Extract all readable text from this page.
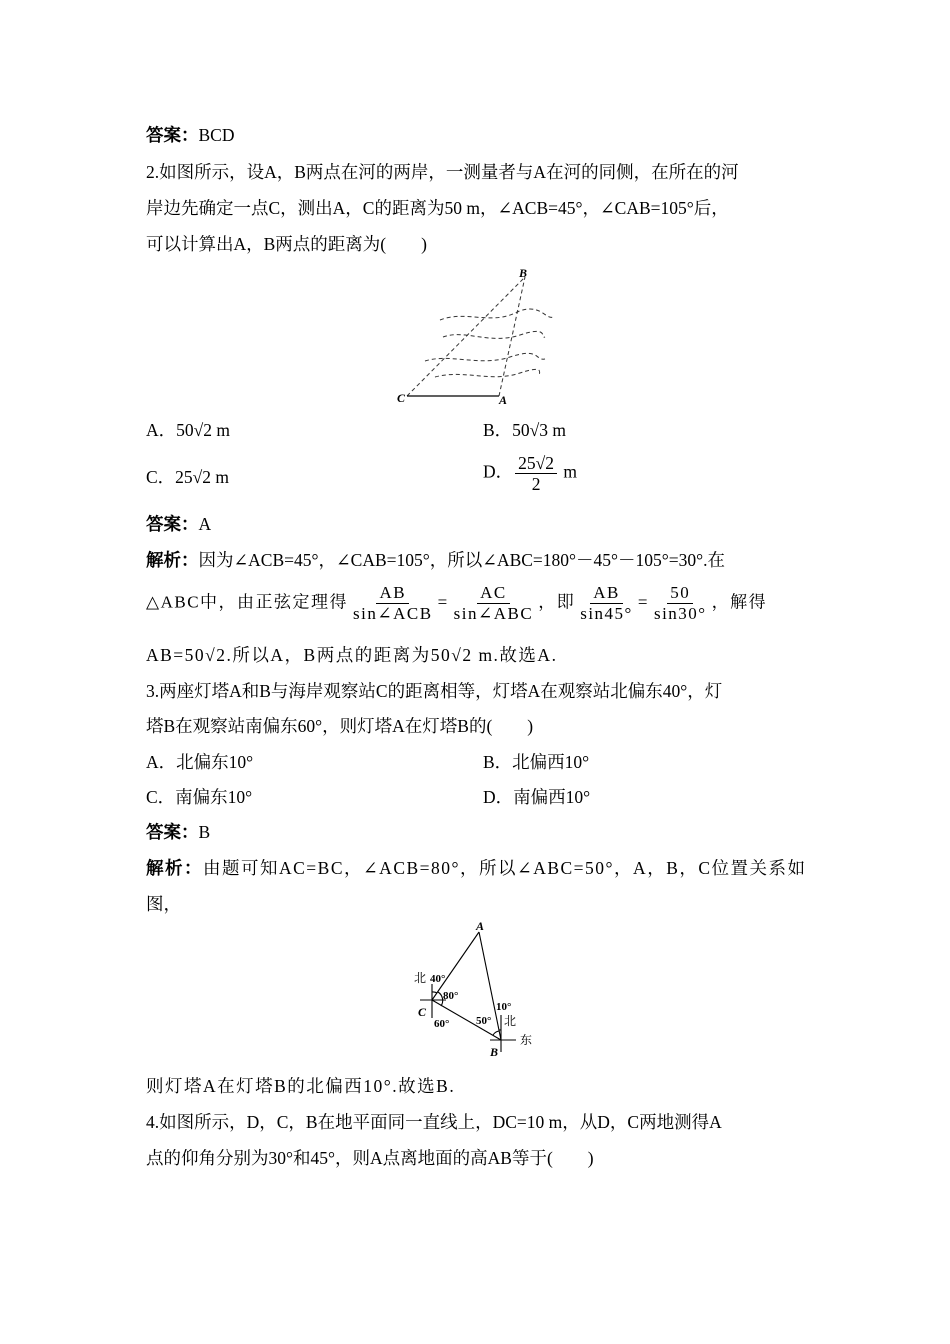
答案：BCD
2.如图所示，设A，B两点在河的两岸，一测量者与A在河的同侧，在所在的河
岸边先确定一点C，测出A，C的距离为50 m，∠ACB=45°，∠CAB=105°后，
可以计算出A，B两点的距离为(　　)
B
C	A
A．50√2 m	B．50√3 m
C．25√2 m	D． $\frac{25√2}{2}$ m
答案：A
解析：因为∠ACB=45°，∠CAB=105°，所以∠ABC=180°－45°－105°=30°.在
△ABC中，由正弦定理得 $\frac{AB}{\text{sin∠ACB}} = \frac{AC}{\text{sin∠ABC}}$ ，即 $\frac{AB}{\sin 45^\circ} = \frac{50}{\sin 30^\circ}$ ，解得
AB=50√2.所以A，B两点的距离为50√2 m.故选A.
3.两座灯塔A和B与海岸观察站C的距离相等，灯塔A在观察站北偏东40°，灯
塔B在观察站南偏东60°，则灯塔A在灯塔B的(　　)
A．北偏东10°	B．北偏西10°
C．南偏东10°	D．南偏西10°
答案：B
解析：由题可知AC=BC，∠ACB=80°，所以∠ABC=50°，A，B，C位置关系如
图，
A
C
B
北 40°
80°
60°
10°
50° 北
东
则灯塔A在灯塔B的北偏西10°.故选B.
4.如图所示，D，C，B在地平面同一直线上，DC=10 m，从D，C两地测得A
点的仰角分别为30°和45°，则A点离地面的高AB等于(　　)
